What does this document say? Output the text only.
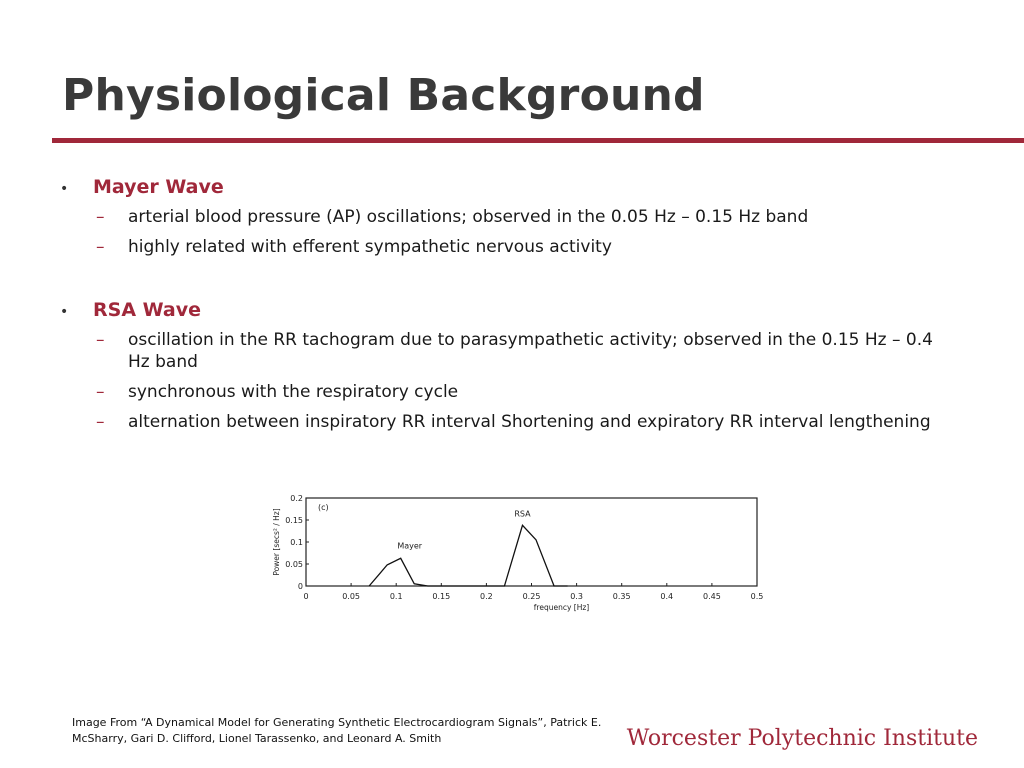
Physiological Background
•	Mayer Wave
–	arterial blood pressure (AP) oscillations; observed in the 0.05 Hz – 0.15 Hz band
–	highly related with efferent sympathetic nervous activity
•	RSA Wave
–	oscillation in the RR tachogram due to parasympathetic activity; observed in the 0.15 Hz – 0.4 Hz band
–	synchronous with the respiratory cycle
–	alternation between inspiratory RR interval Shortening and expiratory RR interval lengthening
0	0.05	0.1	0.15	0.2	0.25	0.3	0.35	0.4	0.45	0.5
0
0.05
0.1
0.15
0.2
(c)
Mayer
RSA
frequency [Hz]
Power [secs² / Hz]
Image From “A Dynamical Model for Generating Synthetic Electrocardiogram Signals”, Patrick E. McSharry, Gari D. Clifford, Lionel Tarassenko, and Leonard A. Smith	Worcester Polytechnic Institute
